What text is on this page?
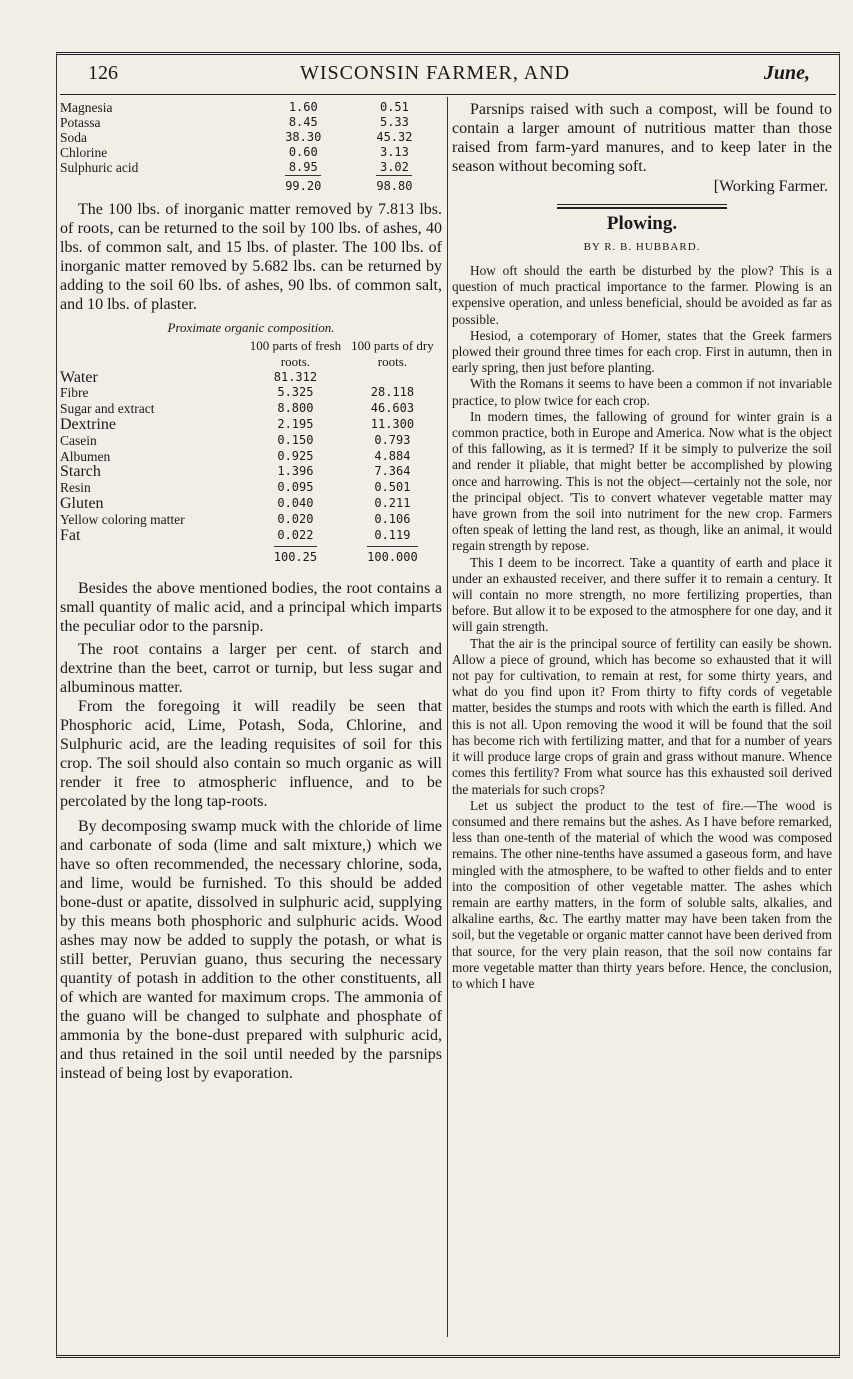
126	WISCONSIN FARMER, AND	June,
Magnesia	1.60	0.51
Potassa	8.45	5.33
Soda	38.30	45.32
Chlorine	0.60	3.13
Sulphuric acid	8.95	3.02
	99.20	98.80

The 100 lbs. of inorganic matter removed by 7.813 lbs. of roots, can be returned to the soil by 100 lbs. of ashes, 40 lbs. of common salt, and 15 lbs. of plaster. The 100 lbs. of inorganic matter removed by 5.682 lbs. can be returned by adding to the soil 60 lbs. of ashes, 90 lbs. of common salt, and 10 lbs. of plaster.

Proximate organic composition.
	100 parts of fresh roots.	100 parts of dry roots.
Water	81.312	
Fibre	5.325	28.118
Sugar and extract	8.800	46.603
Dextrine	2.195	11.300
Casein	0.150	0.793
Albumen	0.925	4.884
Starch	1.396	7.364
Resin	0.095	0.501
Gluten	0.040	0.211
Yellow coloring matter	0.020	0.106
Fat	0.022	0.119
	100.25	100.000

Besides the above mentioned bodies, the root contains a small quantity of malic acid, and a principal which imparts the peculiar odor to the parsnip.

The root contains a larger per cent. of starch and dextrine than the beet, carrot or turnip, but less sugar and albuminous matter.

From the foregoing it will readily be seen that Phosphoric acid, Lime, Potash, Soda, Chlorine, and Sulphuric acid, are the leading requisites of soil for this crop. The soil should also contain so much organic as will render it free to atmospheric influence, and to be percolated by the long tap-roots.

By decomposing swamp muck with the chloride of lime and carbonate of soda (lime and salt mixture,) which we have so often recommended, the necessary chlorine, soda, and lime, would be furnished. To this should be added bone-dust or apatite, dissolved in sulphuric acid, supplying by this means both phosphoric and sulphuric acids. Wood ashes may now be added to supply the potash, or what is still better, Peruvian guano, thus securing the necessary quantity of potash in addition to the other constituents, all of which are wanted for maximum crops. The ammonia of the guano will be changed to sulphate and phosphate of ammonia by the bone-dust prepared with sulphuric acid, and thus retained in the soil until needed by the parsnips instead of being lost by evaporation.

Parsnips raised with such a compost, will be found to contain a larger amount of nutritious matter than those raised from farm-yard manures, and to keep later in the season without becoming soft.

[Working Farmer.
Plowing.
BY R. B. HUBBARD.

How oft should the earth be disturbed by the plow? This is a question of much practical importance to the farmer. Plowing is an expensive operation, and unless beneficial, should be avoided as far as possible.

Hesiod, a cotemporary of Homer, states that the Greek farmers plowed their ground three times for each crop. First in autumn, then in early spring, then just before planting.

With the Romans it seems to have been a common if not invariable practice, to plow twice for each crop.

In modern times, the fallowing of ground for winter grain is a common practice, both in Europe and America. Now what is the object of this fallowing, as it is termed? If it be simply to pulverize the soil and render it pliable, that might better be accomplished by plowing once and harrowing. This is not the object—certainly not the sole, nor the principal object. 'Tis to convert whatever vegetable matter may have grown from the soil into nutriment for the new crop. Farmers often speak of letting the land rest, as though, like an animal, it would regain strength by repose.

This I deem to be incorrect. Take a quantity of earth and place it under an exhausted receiver, and there suffer it to remain a century. It will contain no more strength, no more fertilizing properties, than before. But allow it to be exposed to the atmosphere for one day, and it will gain strength.

That the air is the principal source of fertility can easily be shown. Allow a piece of ground, which has become so exhausted that it will not pay for cultivation, to remain at rest, for some thirty years, and what do you find upon it? From thirty to fifty cords of vegetable matter, besides the stumps and roots with which the earth is filled. And this is not all. Upon removing the wood it will be found that the soil has become rich with fertilizing matter, and that for a number of years it will produce large crops of grain and grass without manure. Whence comes this fertility? From what source has this exhausted soil derived the materials for such crops?

Let us subject the product to the test of fire.—The wood is consumed and there remains but the ashes. As I have before remarked, less than one-tenth of the material of which the wood was composed remains. The other nine-tenths have assumed a gaseous form, and have mingled with the atmosphere, to be wafted to other fields and to enter into the composition of other vegetable matter. The ashes which remain are earthy matters, in the form of soluble salts, alkalies, and alkaline earths, &c. The earthy matter may have been taken from the soil, but the vegetable or organic matter cannot have been derived from that source, for the very plain reason, that the soil now contains far more vegetable matter than thirty years before. Hence, the conclusion, to which I have
